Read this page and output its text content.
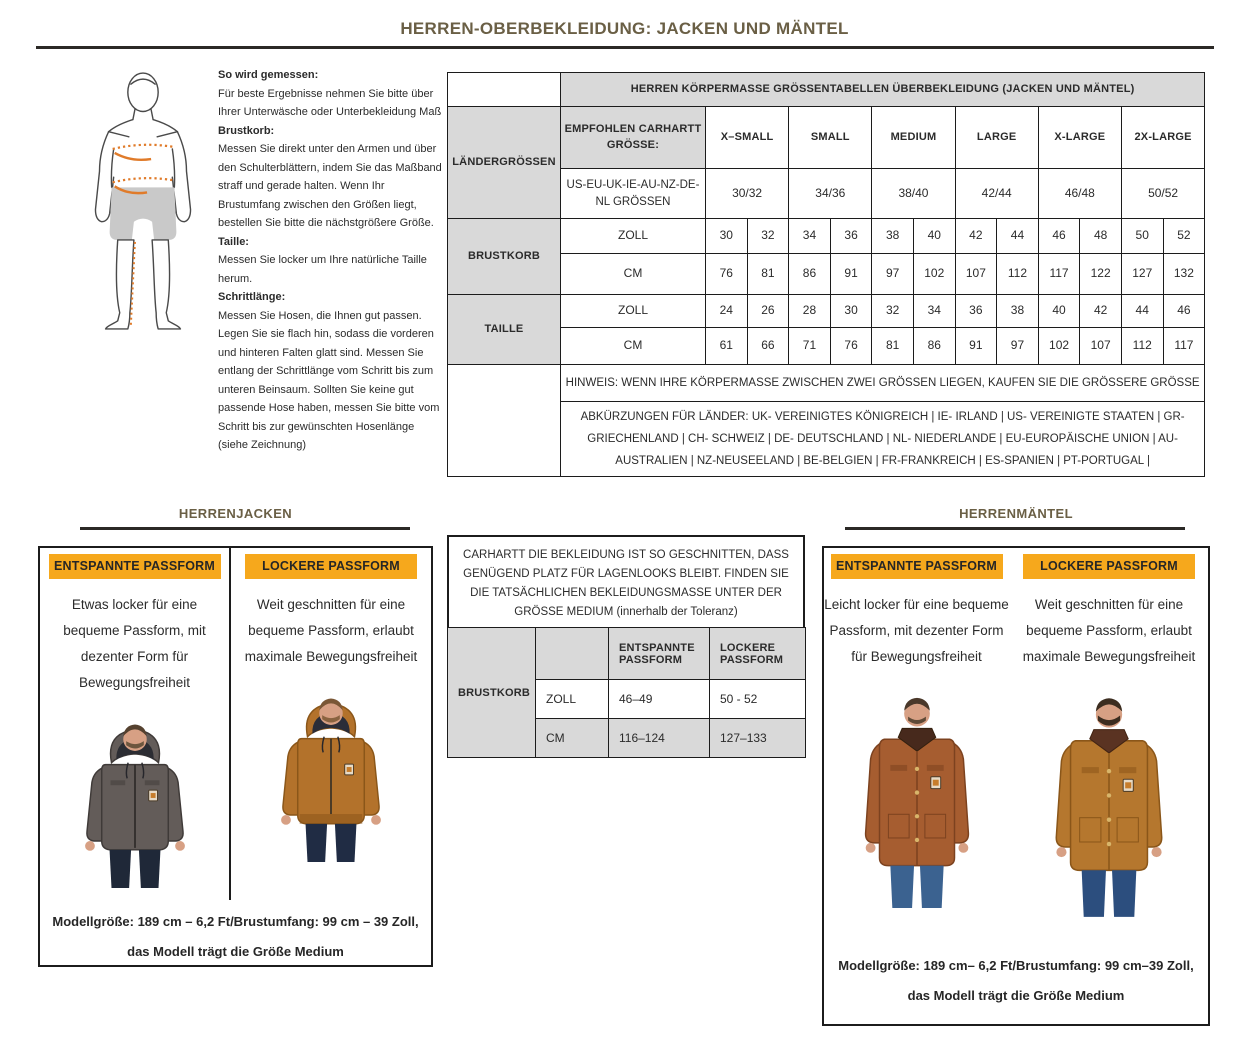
HERREN-OBERBEKLEIDUNG: JACKEN UND MÄNTEL
So wird gemessen:
Für beste Ergebnisse nehmen Sie bitte über Ihrer Unterwäsche oder Unterbekleidung Maß
Brustkorb:
Messen Sie direkt unter den Armen und über den Schulterblättern, indem Sie das Maßband straff und gerade halten. Wenn Ihr Brustumfang zwischen den Größen liegt, bestellen Sie bitte die nächstgrößere Größe.
Taille:
Messen Sie locker um Ihre natürliche Taille herum.
Schrittlänge:
Messen Sie Hosen, die Ihnen gut passen. Legen Sie sie flach hin, sodass die vorderen und hinteren Falten glatt sind. Messen Sie entlang der Schrittlänge vom Schritt bis zum unteren Beinsaum. Sollten Sie keine gut passende Hose haben, messen Sie bitte vom Schritt bis zur gewünschten Hosenlänge (siehe Zeichnung)
	HERREN KÖRPERMASSE GRÖSSENTABELLEN ÜBERBEKLEIDUNG (JACKEN UND MÄNTEL)												
LÄNDERGRÖSSEN	EMPFOHLEN CARHARTT GRÖSSE:	X–SMALL		SMALL		MEDIUM		LARGE		X-LARGE		2X-LARGE	
	US-EU-UK-IE-AU-NZ-DE-NL GRÖSSEN	30/32		34/36		38/40		42/44		46/48		50/52	
BRUSTKORB	ZOLL	30	32	34	36	38	40	42	44	46	48	50	52
	CM	76	81	86	91	97	102	107	112	117	122	127	132
TAILLE	ZOLL	24	26	28	30	32	34	36	38	40	42	44	46
	CM	61	66	71	76	81	86	91	97	102	107	112	117
	HINWEIS: WENN IHRE KÖRPERMASSE ZWISCHEN ZWEI GRÖSSEN LIEGEN, KAUFEN SIE DIE GRÖSSERE GRÖSSE												
	ABKÜRZUNGEN FÜR LÄNDER: UK- VEREINIGTES KÖNIGREICH | IE- IRLAND | US- VEREINIGTE STAATEN | GR- GRIECHENLAND | CH- SCHWEIZ | DE- DEUTSCHLAND | NL- NIEDERLANDE | EU-EUROPÄISCHE UNION | AU-AUSTRALIEN | NZ-NEUSEELAND | BE-BELGIEN | FR-FRANKREICH | ES-SPANIEN | PT-PORTUGAL |												
HERRENJACKEN
ENTSPANNTE PASSFORM
Etwas locker für eine bequeme Passform, mit dezenter Form für Bewegungsfreiheit
LOCKERE PASSFORM
Weit geschnitten für eine bequeme Passform, erlaubt maximale Bewegungsfreiheit
Modellgröße: 189 cm – 6,2 Ft/Brustumfang: 99 cm – 39 Zoll, das Modell trägt die Größe Medium
CARHARTT DIE BEKLEIDUNG IST SO GESCHNITTEN, DASS GENÜGEND PLATZ FÜR LAGENLOOKS BLEIBT. FINDEN SIE DIE TATSÄCHLICHEN BEKLEIDUNGSMASSE UNTER DER GRÖSSE MEDIUM (innerhalb der Toleranz)
BRUSTKORB		ENTSPANNTE PASSFORM	LOCKERE PASSFORM
	ZOLL	46–49	50 - 52
	CM	116–124	127–133
HERRENMÄNTEL
ENTSPANNTE PASSFORM
Leicht locker für eine bequeme Passform, mit dezenter Form für Bewegungsfreiheit
LOCKERE PASSFORM
Weit geschnitten für eine bequeme Passform, erlaubt maximale Bewegungsfreiheit
Modellgröße: 189 cm– 6,2 Ft/Brustumfang: 99 cm–39 Zoll, das Modell trägt die Größe Medium
